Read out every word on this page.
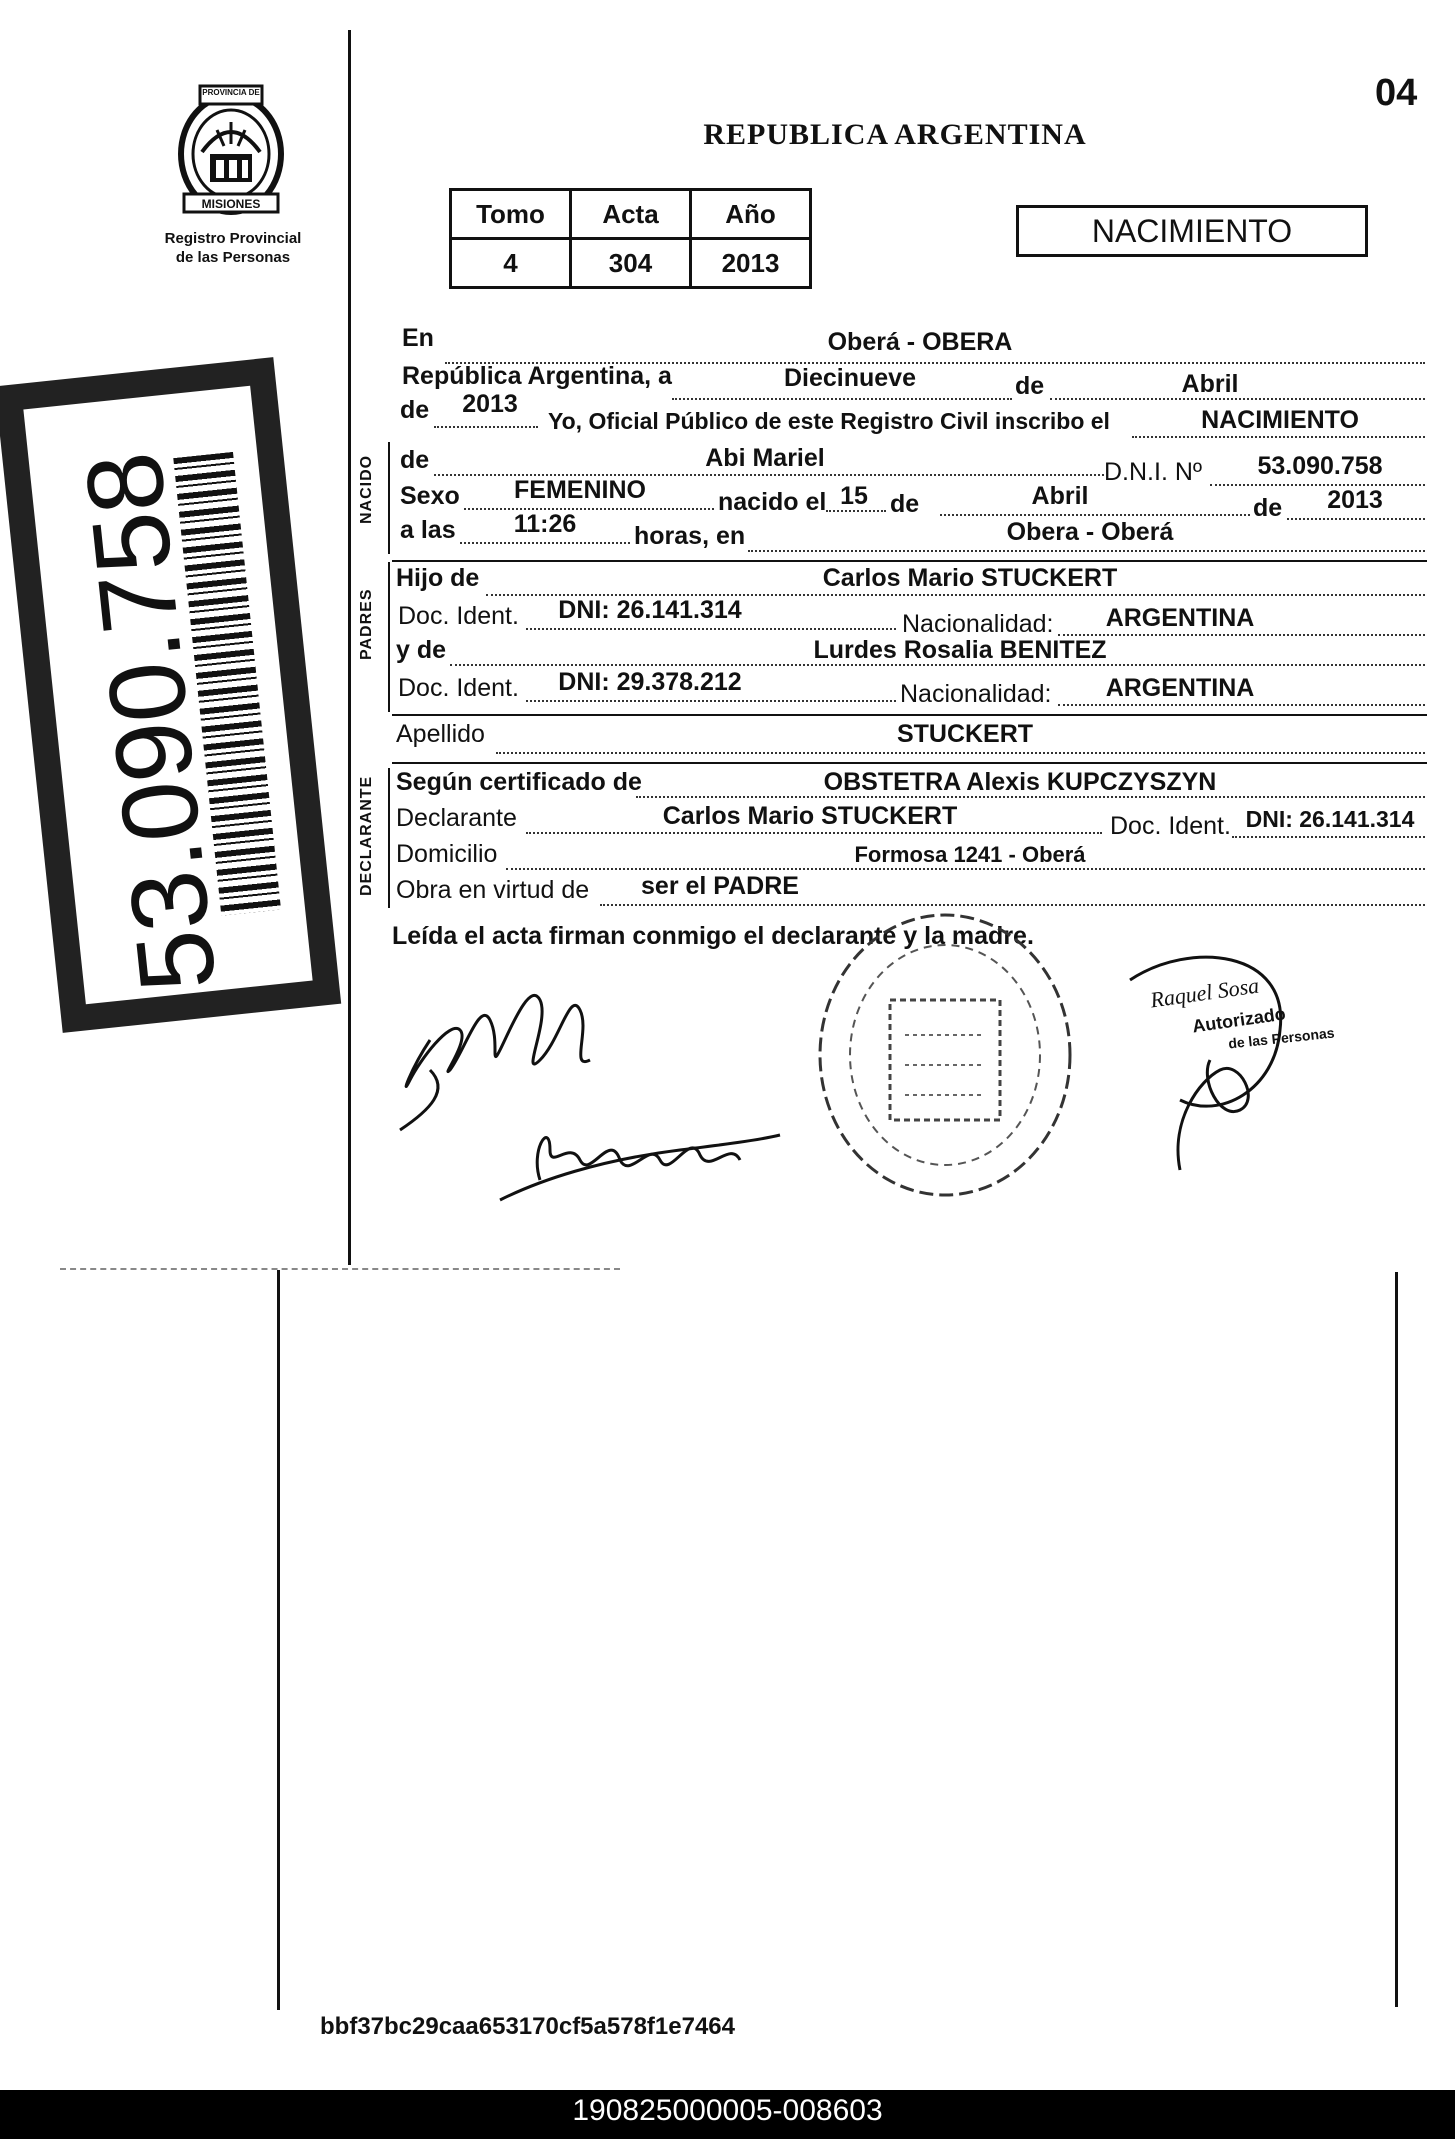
PROVINCIA DE
MISIONES
Registro Provincial
de las Personas
04
REPUBLICA ARGENTINA
Tomo	Acta	Año
4	304	2013
NACIMIENTO
53.090.758	NACIDO
PADRES
DECLARANTE
En	Oberá - OBERA
República Argentina, a	Diecinueve	de	Abril
de	2013
Yo, Oficial Público de este Registro Civil inscribo el	NACIMIENTO
de	Abi Mariel	D.N.I. Nº	53.090.758
Sexo	FEMENINO	nacido el 15 de	Abril	de	2013
a las	11:26	horas, en	Obera - Oberá
Hijo de	Carlos Mario STUCKERT
Doc. Ident.	DNI: 26.141.314	Nacionalidad:	ARGENTINA
y de	Lurdes Rosalia BENITEZ
Doc. Ident.	DNI: 29.378.212	Nacionalidad:	ARGENTINA
Apellido	STUCKERT
Según certificado de	OBSTETRA Alexis KUPCZYSZYN
Declarante	Carlos Mario STUCKERT	Doc. Ident. DNI: 26.141.314
Domicilio	Formosa 1241 - Oberá
Obra en virtud de	ser el PADRE
Leída el acta firman conmigo el declarante y la madre.
Raquel Sosa
Autorizado
de las Personas
bbf37bc29caa653170cf5a578f1e7464
190825000005-008603
